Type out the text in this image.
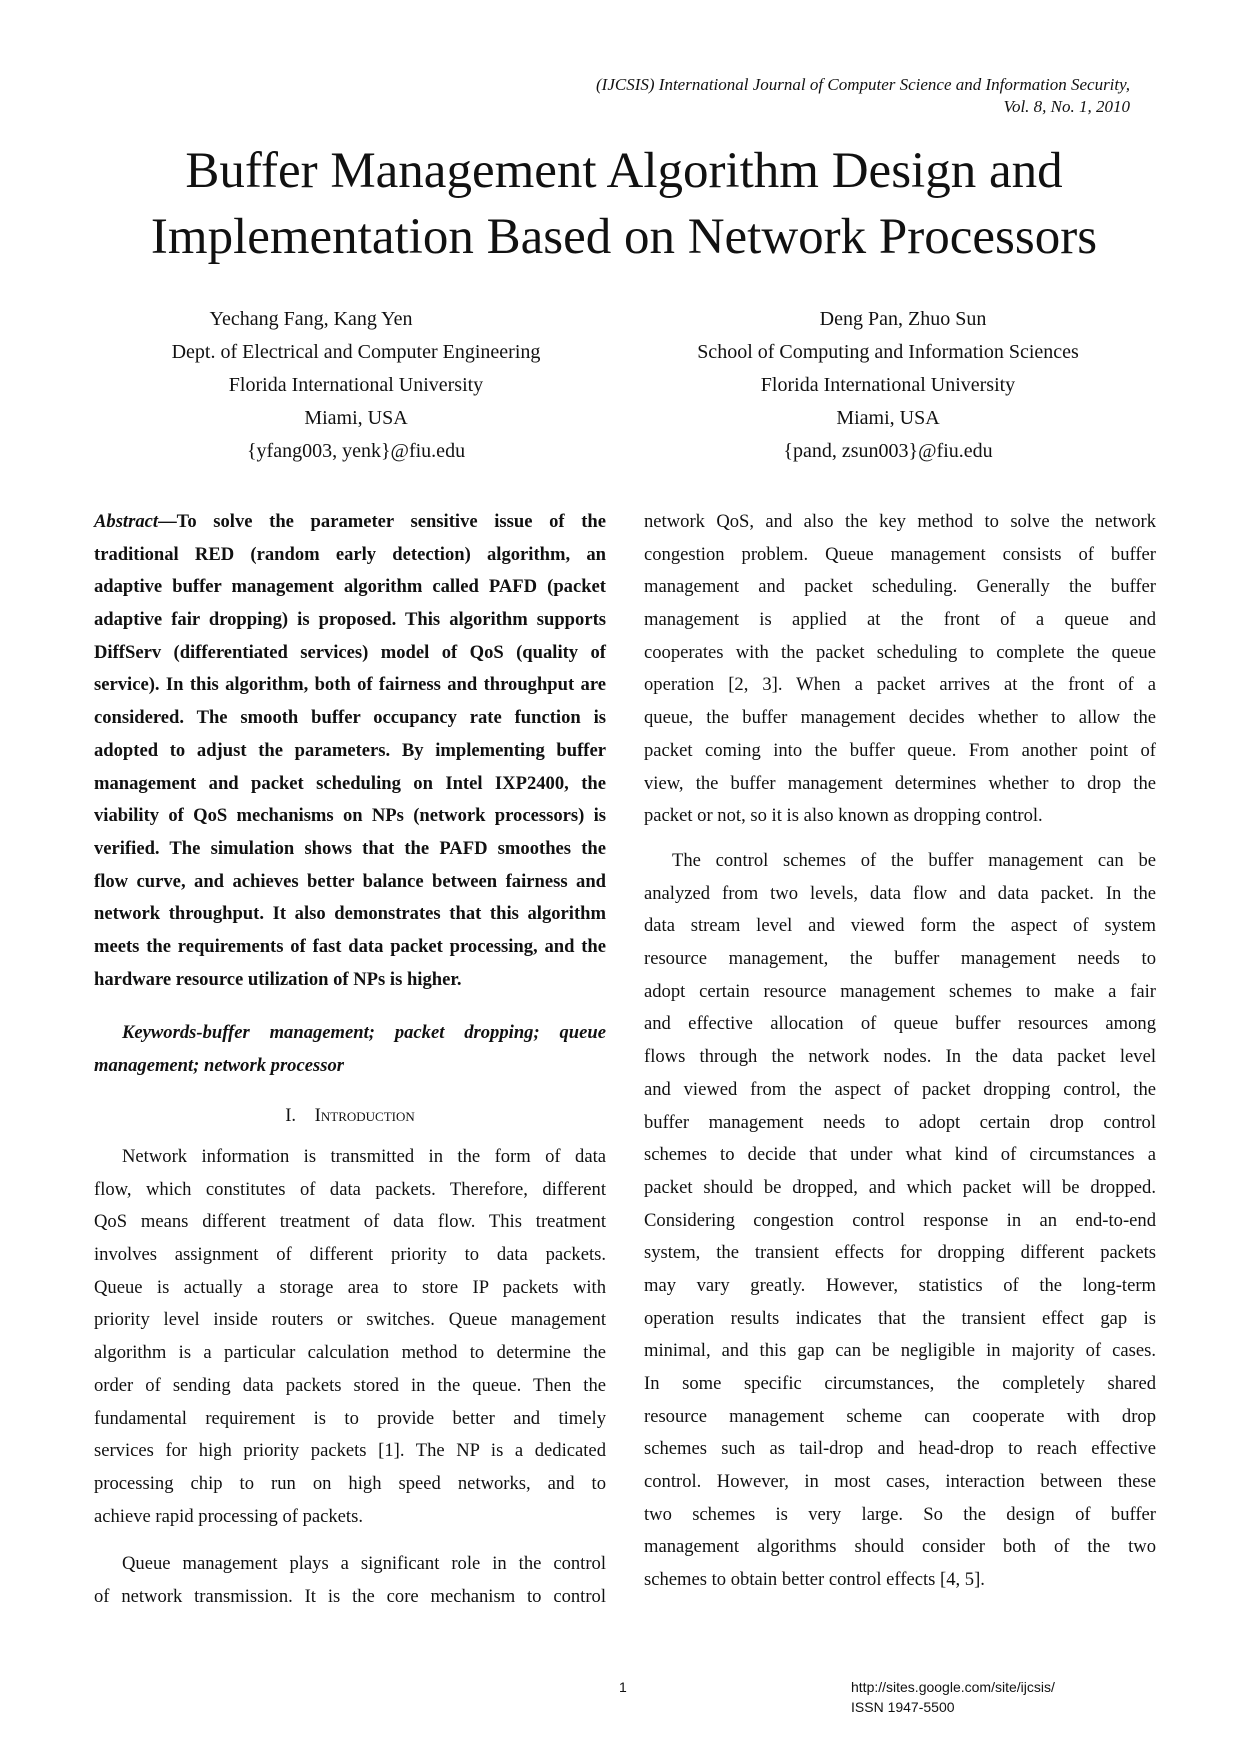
(IJCSIS) International Journal of Computer Science and Information Security,
Vol. 8, No. 1, 2010
Buffer Management Algorithm Design and
Implementation Based on Network Processors
Yechang Fang, Kang Yen
Dept. of Electrical and Computer Engineering
Florida International University
Miami, USA
{yfang003, yenk}@fiu.edu
Deng Pan, Zhuo Sun
School of Computing and Information Sciences
Florida International University
Miami, USA
{pand, zsun003}@fiu.edu
Abstract—To solve the parameter sensitive issue of the
traditional RED (random early detection) algorithm, an
adaptive buffer management algorithm called PAFD (packet
adaptive fair dropping) is proposed. This algorithm supports
DiffServ (differentiated services) model of QoS (quality of
service). In this algorithm, both of fairness and throughput are
considered. The smooth buffer occupancy rate function is
adopted to adjust the parameters. By implementing buffer
management and packet scheduling on Intel IXP2400, the
viability of QoS mechanisms on NPs (network processors) is
verified. The simulation shows that the PAFD smoothes the
flow curve, and achieves better balance between fairness and
network throughput. It also demonstrates that this algorithm
meets the requirements of fast data packet processing, and the
hardware resource utilization of NPs is higher.
Keywords-buffer management; packet dropping; queue
management; network processor
I. Introduction
Network information is transmitted in the form of data
flow, which constitutes of data packets. Therefore, different
QoS means different treatment of data flow. This treatment
involves assignment of different priority to data packets.
Queue is actually a storage area to store IP packets with
priority level inside routers or switches. Queue management
algorithm is a particular calculation method to determine the
order of sending data packets stored in the queue. Then the
fundamental requirement is to provide better and timely
services for high priority packets [1]. The NP is a dedicated
processing chip to run on high speed networks, and to
achieve rapid processing of packets.
Queue management plays a significant role in the control
of network transmission. It is the core mechanism to control
network QoS, and also the key method to solve the network
congestion problem. Queue management consists of buffer
management and packet scheduling. Generally the buffer
management is applied at the front of a queue and
cooperates with the packet scheduling to complete the queue
operation [2, 3]. When a packet arrives at the front of a
queue, the buffer management decides whether to allow the
packet coming into the buffer queue. From another point of
view, the buffer management determines whether to drop the
packet or not, so it is also known as dropping control.
The control schemes of the buffer management can be
analyzed from two levels, data flow and data packet. In the
data stream level and viewed form the aspect of system
resource management, the buffer management needs to
adopt certain resource management schemes to make a fair
and effective allocation of queue buffer resources among
flows through the network nodes. In the data packet level
and viewed from the aspect of packet dropping control, the
buffer management needs to adopt certain drop control
schemes to decide that under what kind of circumstances a
packet should be dropped, and which packet will be dropped.
Considering congestion control response in an end-to-end
system, the transient effects for dropping different packets
may vary greatly. However, statistics of the long-term
operation results indicates that the transient effect gap is
minimal, and this gap can be negligible in majority of cases.
In some specific circumstances, the completely shared
resource management scheme can cooperate with drop
schemes such as tail-drop and head-drop to reach effective
control. However, in most cases, interaction between these
two schemes is very large. So the design of buffer
management algorithms should consider both of the two
schemes to obtain better control effects [4, 5].
1	http://sites.google.com/site/ijcsis/
ISSN 1947-5500
